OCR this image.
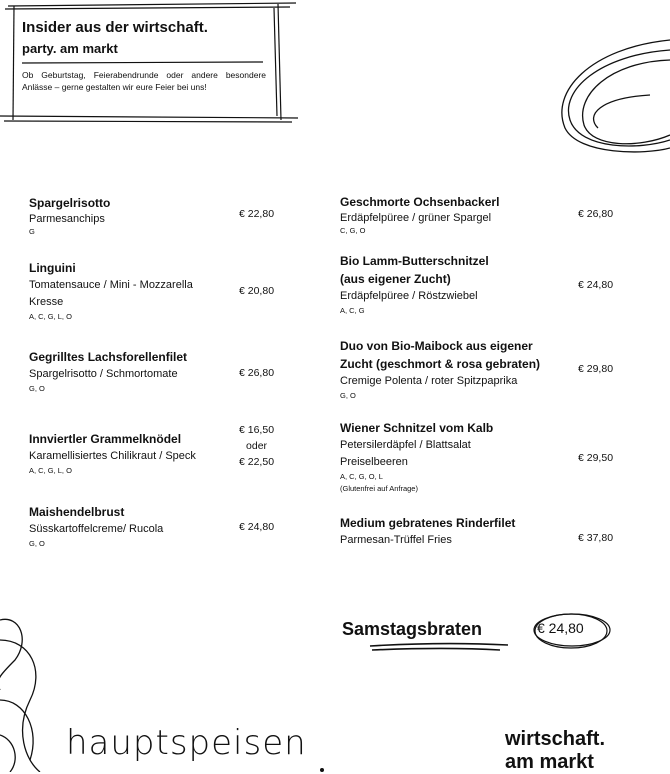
Insider aus der wirtschaft.
party. am markt
Ob Geburtstag, Feierabendrunde oder andere besondere Anlässe – gerne gestalten wir eure Feier bei uns!
Spargelrisotto
Parmesanchips
G
€ 22,80
Linguini
Tomatensauce / Mini - Mozzarella
Kresse
A, C, G, L, O
€ 20,80
Gegrilltes Lachsforellenfilet
Spargelrisotto / Schmortomate
G, O
€ 26,80
Innviertler Grammelknödel
Karamellisiertes Chilikraut / Speck
A, C, G, L, O
€ 16,50
oder
€ 22,50
Maishendelbrust
Süsskartoffelcreme/ Rucola
G, O
€ 24,80
Geschmorte Ochsenbackerl
Erdäpfelpüree / grüner Spargel
C, G, O
€ 26,80
Bio Lamm-Butterschnitzel
(aus eigener Zucht)
Erdäpfelpüree / Röstzwiebel
A, C, G
€ 24,80
Duo von Bio-Maibock aus eigener
Zucht (geschmort & rosa gebraten)
Cremige Polenta / roter Spitzpaprika
G, O
€ 29,80
Wiener Schnitzel vom Kalb
Petersilerdäpfel / Blattsalat
Preiselbeeren
A, C, G, O, L
(Glutenfrei auf Anfrage)
€ 29,50
Medium gebratenes Rinderfilet
Parmesan-Trüffel Fries	€ 37,80
Samstagsbraten	€ 24,80
hauptspeisen	wirtschaft.
am markt
